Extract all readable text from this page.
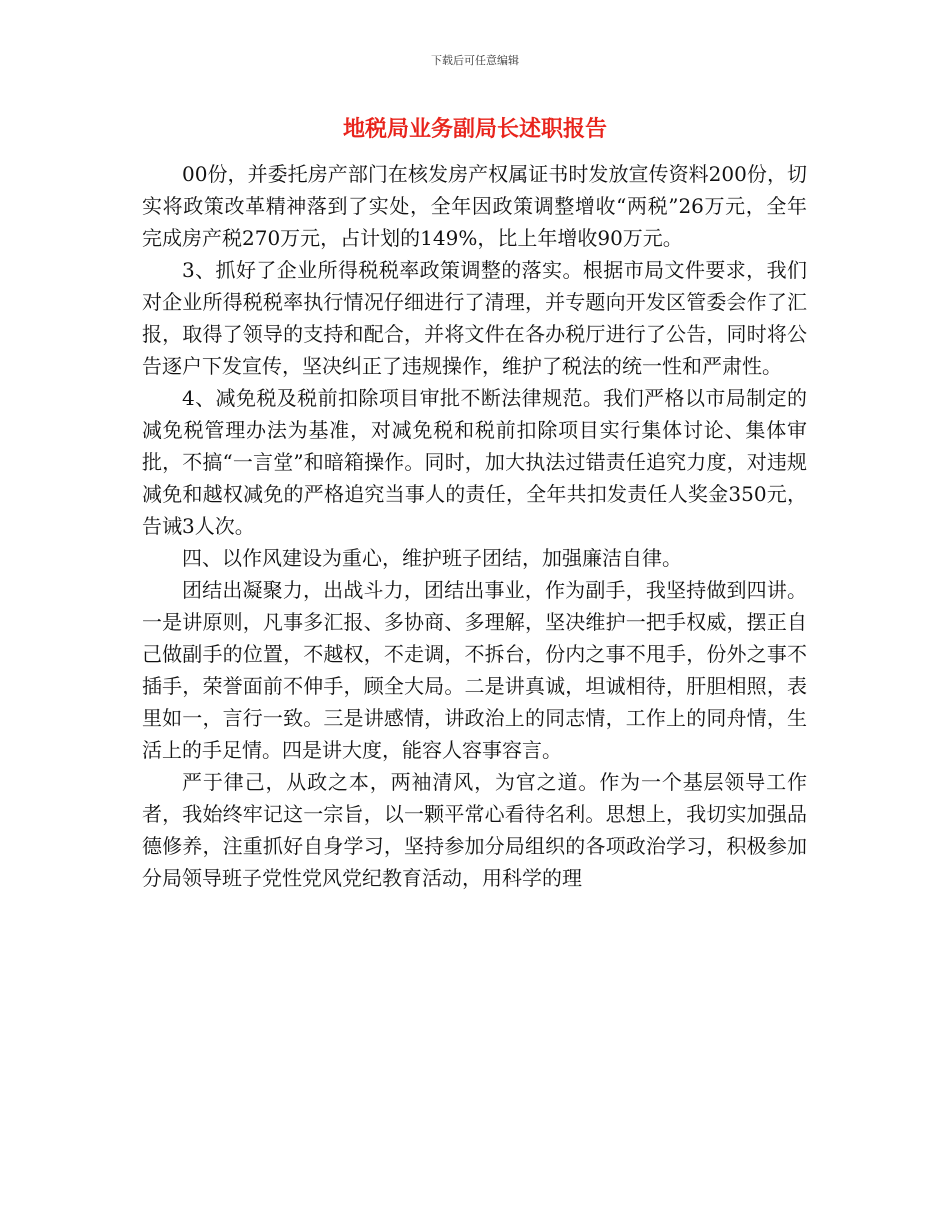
下载后可任意编辑
地税局业务副局长述职报告

00份，并委托房产部门在核发房产权属证书时发放宣传资料200份，切实将政策改革精神落到了实处，全年因政策调整增收“两税”26万元，全年完成房产税270万元，占计划的149%，比上年增收90万元。

3、抓好了企业所得税税率政策调整的落实。根据市局文件要求，我们对企业所得税税率执行情况仔细进行了清理，并专题向开发区管委会作了汇报，取得了领导的支持和配合，并将文件在各办税厅进行了公告，同时将公告逐户下发宣传，坚决纠正了违规操作，维护了税法的统一性和严肃性。

4、减免税及税前扣除项目审批不断法律规范。我们严格以市局制定的减免税管理办法为基准，对减免税和税前扣除项目实行集体讨论、集体审批，不搞“一言堂”和暗箱操作。同时，加大执法过错责任追究力度，对违规减免和越权减免的严格追究当事人的责任，全年共扣发责任人奖金350元，告诫3人次。

四、以作风建设为重心，维护班子团结，加强廉洁自律。

团结出凝聚力，出战斗力，团结出事业，作为副手，我坚持做到四讲。一是讲原则，凡事多汇报、多协商、多理解，坚决维护一把手权威，摆正自己做副手的位置，不越权，不走调，不拆台，份内之事不甩手，份外之事不插手，荣誉面前不伸手，顾全大局。二是讲真诚，坦诚相待，肝胆相照，表里如一，言行一致。三是讲感情，讲政治上的同志情，工作上的同舟情，生活上的手足情。四是讲大度，能容人容事容言。

严于律己，从政之本，两袖清风，为官之道。作为一个基层领导工作者，我始终牢记这一宗旨，以一颗平常心看待名利。思想上，我切实加强品德修养，注重抓好自身学习，坚持参加分局组织的各项政治学习，积极参加分局领导班子党性党风党纪教育活动，用科学的理
